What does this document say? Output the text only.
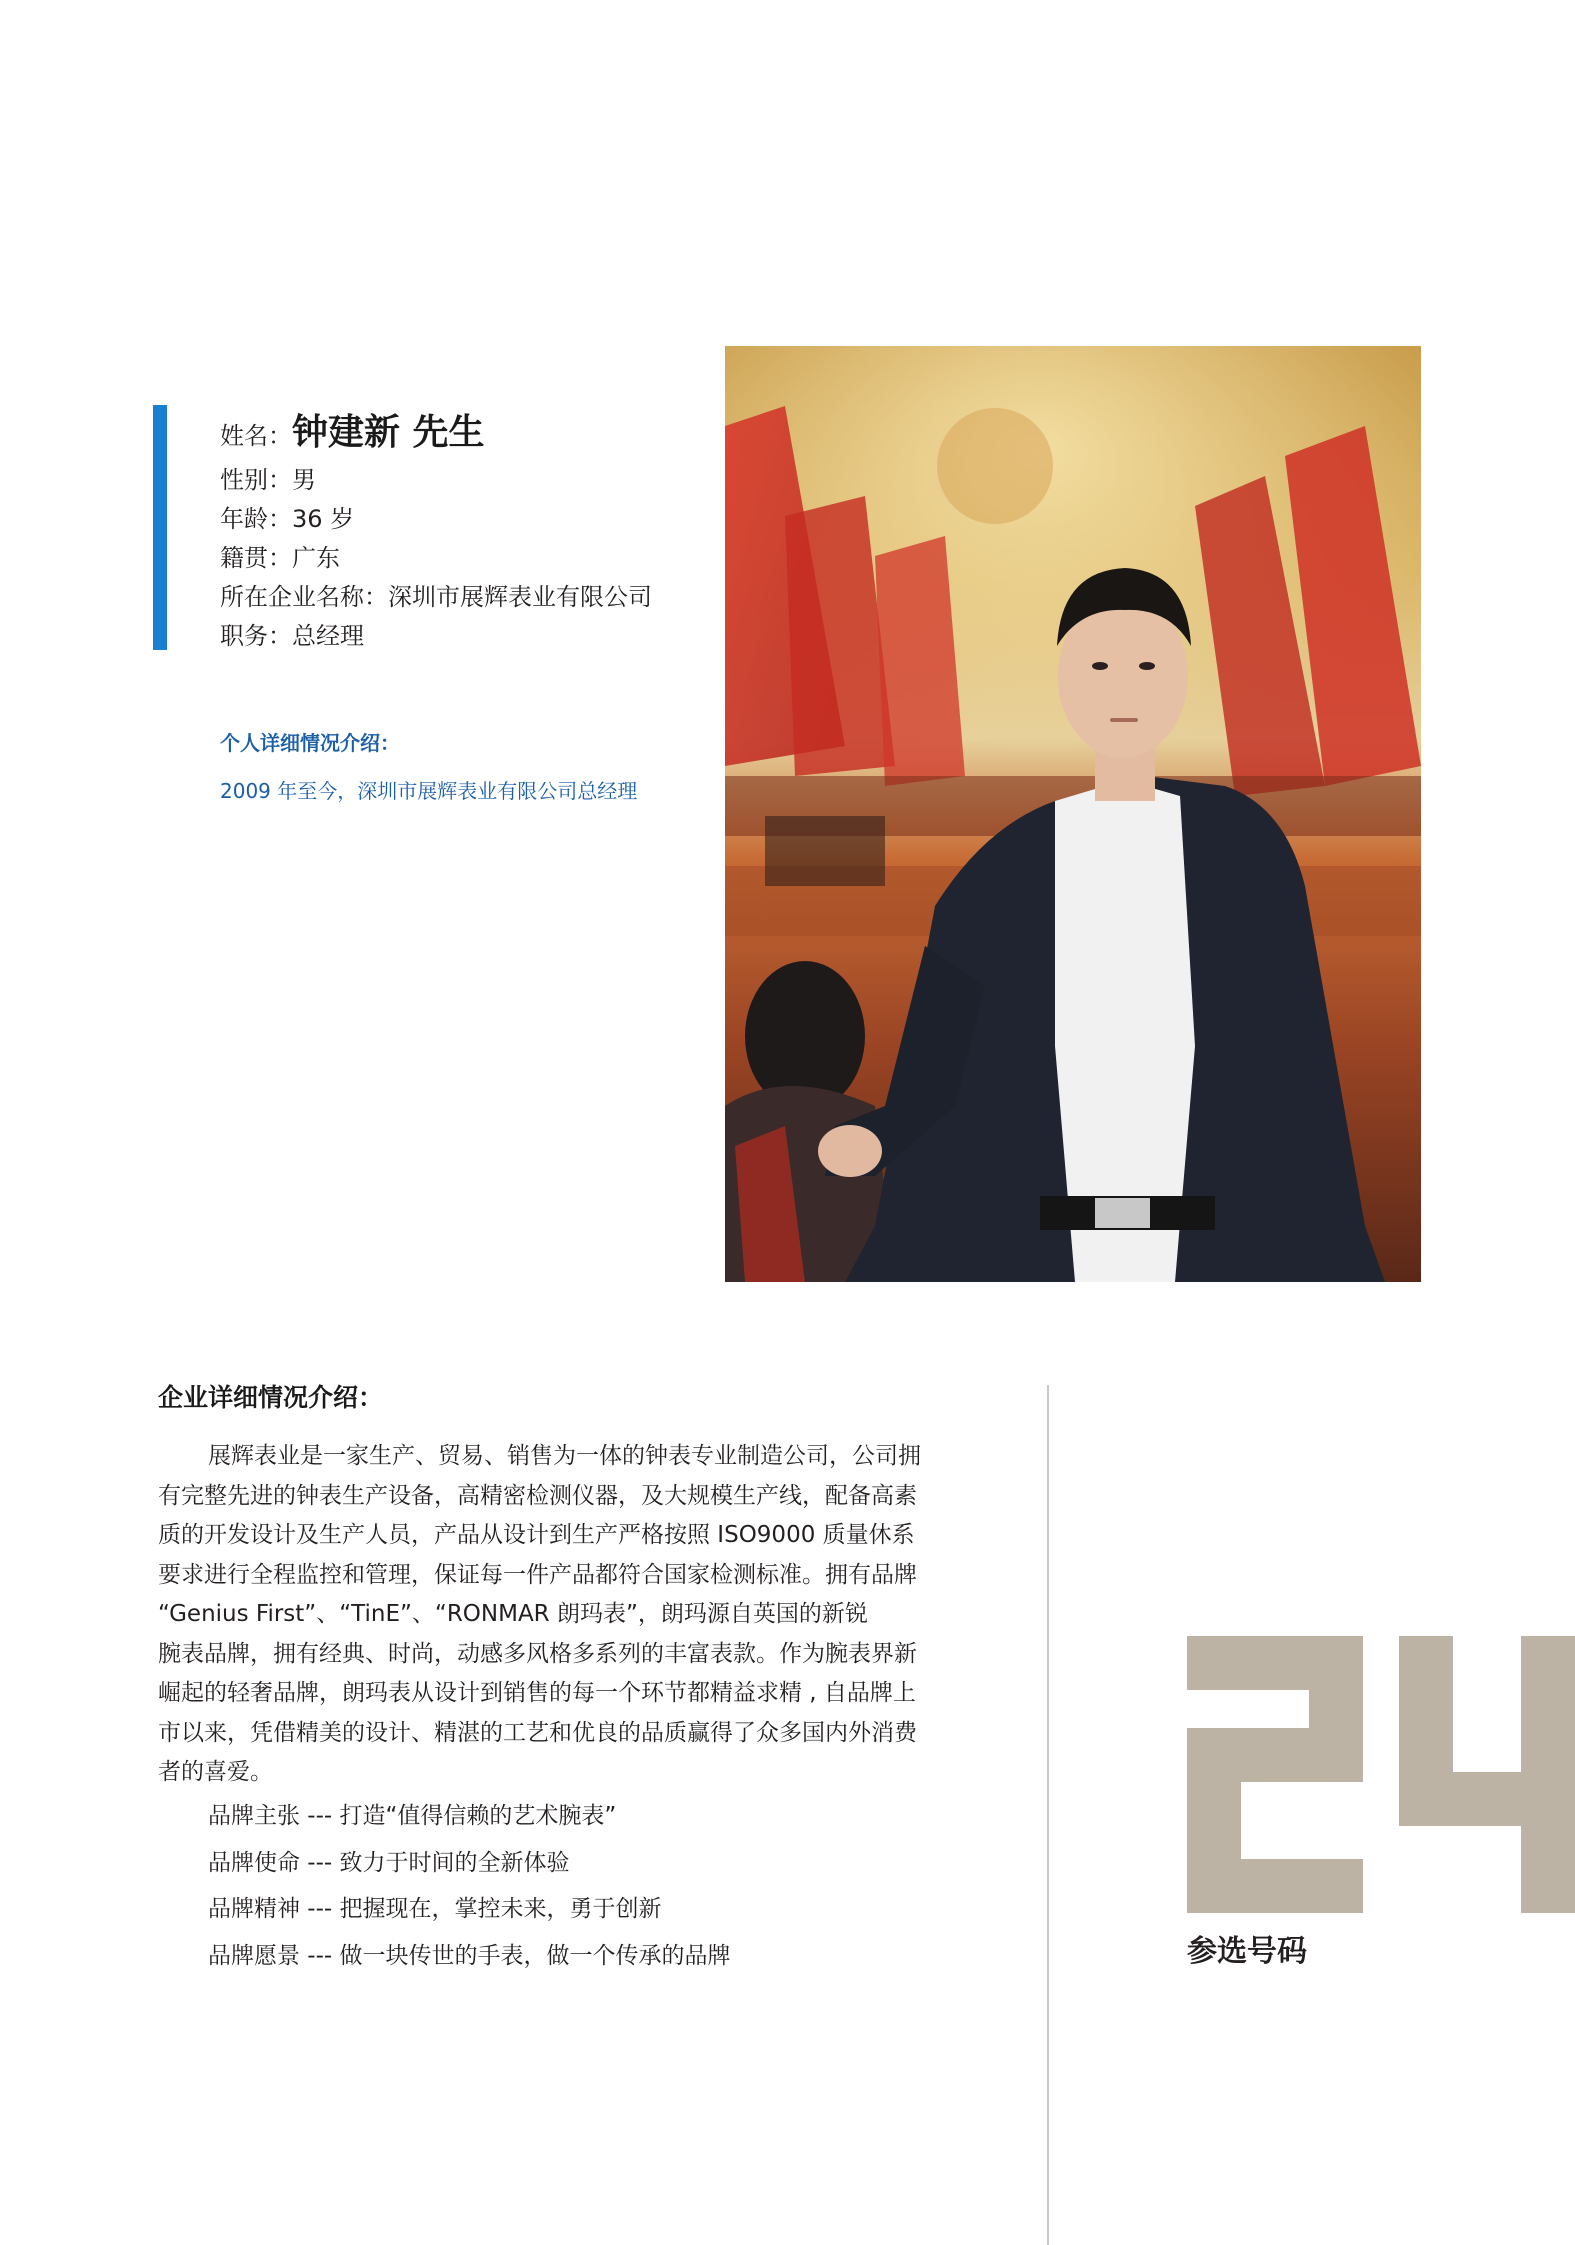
姓名：钟建新 先生
性别：男
年龄：36 岁
籍贯：广东
所在企业名称：深圳市展辉表业有限公司
职务：总经理
个人详细情况介绍：
2009 年至今，深圳市展辉表业有限公司总经理
企业详细情况介绍：
展辉表业是一家生产、贸易、销售为一体的钟表专业制造公司，公司拥
有完整先进的钟表生产设备，高精密检测仪器，及大规模生产线，配备高素
质的开发设计及生产人员，产品从设计到生产严格按照 ISO9000 质量休系
要求进行全程监控和管理，保证每一件产品都符合国家检测标准。拥有品牌
“Genius First”、“TinE”、“RONMAR 朗玛表”，朗玛源自英国的新锐
腕表品牌，拥有经典、时尚，动感多风格多系列的丰富表款。作为腕表界新
崛起的轻奢品牌，朗玛表从设计到销售的每一个环节都精益求精 , 自品牌上
市以来，凭借精美的设计、精湛的工艺和优良的品质赢得了众多国内外消费
者的喜爱。
品牌主张 --- 打造“值得信赖的艺术腕表”
品牌使命 --- 致力于时间的全新体验
品牌精神 --- 把握现在，掌控未来，勇于创新
品牌愿景 --- 做一块传世的手表，做一个传承的品牌	参选号码
